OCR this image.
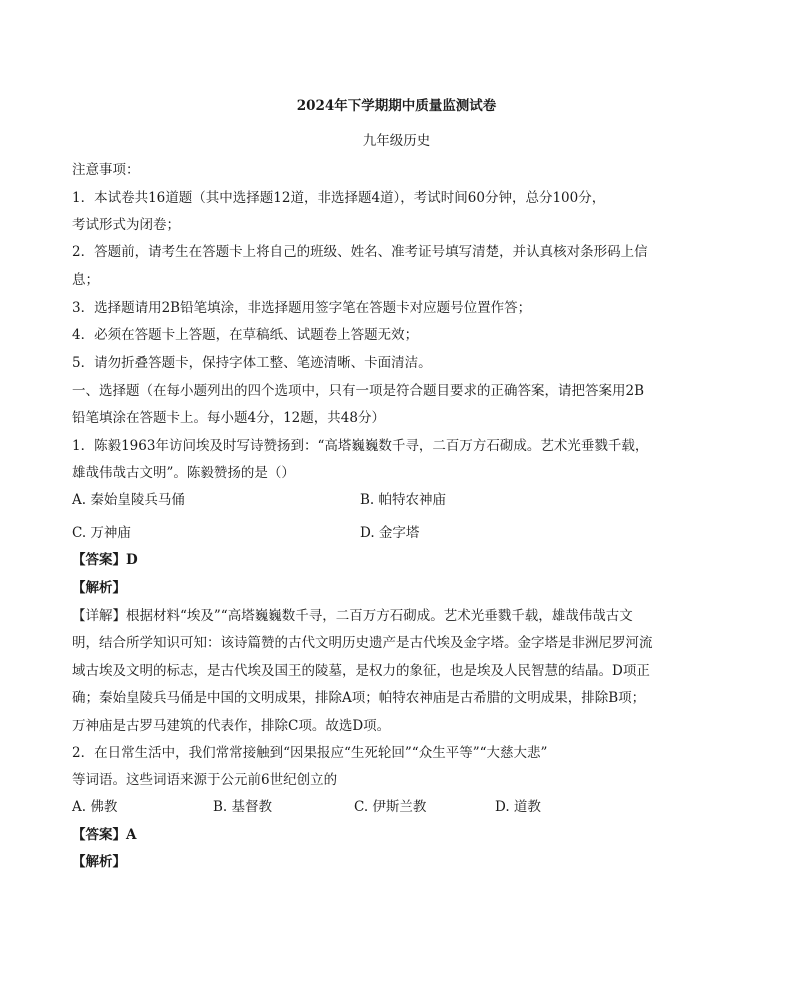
2024年下学期期中质量监测试卷
九年级历史
注意事项：
1．本试卷共16道题（其中选择题12道，非选择题4道），考试时间60分钟，总分100分，
考试形式为闭卷；
2．答题前，请考生在答题卡上将自己的班级、姓名、准考证号填写清楚，并认真核对条形码上信
息；
3．选择题请用2B铅笔填涂，非选择题用签字笔在答题卡对应题号位置作答；
4．必须在答题卡上答题，在草稿纸、试题卷上答题无效；
5．请勿折叠答题卡，保持字体工整、笔迹清晰、卡面清洁。
一、选择题（在每小题列出的四个选项中，只有一项是符合题目要求的正确答案，请把答案用2B
铅笔填涂在答题卡上。每小题4分，12题，共48分）
1．陈毅1963年访问埃及时写诗赞扬到：“高塔巍巍数千寻，二百万方石砌成。艺术光垂戮千载，
雄哉伟哉古文明”。陈毅赞扬的是（）
A. 秦始皇陵兵马俑	B. 帕特农神庙
C. 万神庙	D. 金字塔
【答案】D
【解析】
【详解】根据材料“埃及”“高塔巍巍数千寻，二百万方石砌成。艺术光垂戮千载，雄哉伟哉古文
明，结合所学知识可知：该诗篇赞的古代文明历史遗产是古代埃及金字塔。金字塔是非洲尼罗河流
域古埃及文明的标志，是古代埃及国王的陵墓，是权力的象征，也是埃及人民智慧的结晶。D项正
确；秦始皇陵兵马俑是中国的文明成果，排除A项；帕特农神庙是古希腊的文明成果，排除B项；
万神庙是古罗马建筑的代表作，排除C项。故选D项。
2．在日常生活中，我们常常接触到“因果报应“生死轮回”“众生平等”“大慈大悲”
等词语。这些词语来源于公元前6世纪创立的
A. 佛教	B. 基督教	C. 伊斯兰教	D. 道教
【答案】A
【解析】
